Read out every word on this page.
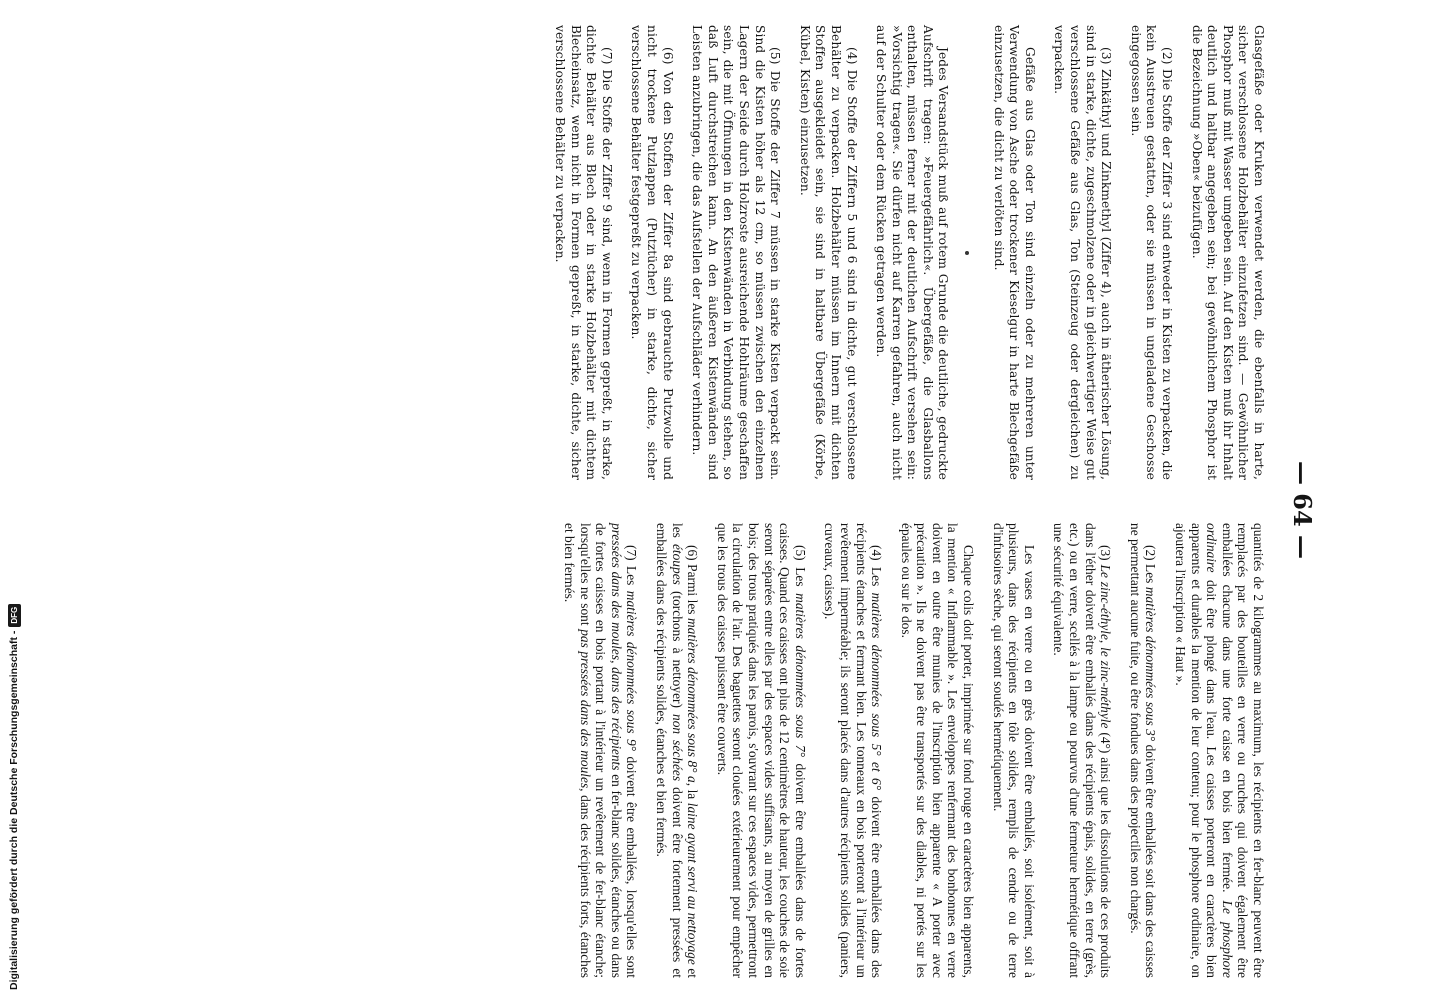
— 64 —

Glasgefäße oder Kruken verwendet werden, die ebenfalls in harte, sicher verschlossene Holzbehälter einzufetzen sind. — Gewöhnlicher Phosphor muß mit Wasser umgeben sein. Auf den Kisten muß ihr Inhalt deutlich und haltbar angegeben sein; bei gewöhnlichem Phosphor ist die Bezeichnung »Oben« beizufügen.

(2) Die Stoffe der Ziffer 3 sind entweder in Kisten zu verpacken, die kein Ausstreuen gestatten, oder sie müssen in ungeladene Geschosse eingegossen sein.

(3) Zinkäthyl und Zinkmethyl (Ziffer 4), auch in ätherischer Lösung, sind in starke, dichte, zugeschmolzene oder in gleichwertiger Weise gut verschlossene Gefäße aus Glas, Ton (Steinzeug oder dergleichen) zu verpacken.

Gefäße aus Glas oder Ton sind einzeln oder zu mehreren unter Verwendung von Asche oder trockener Kieselgur in harte Blechgefäße einzusetzen, die dicht zu verlöten sind.

Jedes Versandstück muß auf rotem Grunde die deutliche, gedruckte Aufschrift tragen: »Feuergefährlich«. Übergefäße, die Glasballons enthalten, müssen ferner mit der deutlichen Aufschrift versehen sein: »Vorsichtig tragen«. Sie dürfen nicht auf Karren gefahren, auch nicht auf der Schulter oder dem Rücken getragen werden.

(4) Die Stoffe der Ziffern 5 und 6 sind in dichte, gut verschlossene Behälter zu verpacken. Holzbehälter müssen im Innern mit dichten Stoffen ausgekleidet sein, sie sind in haltbare Übergefäße (Körbe, Kübel, Kisten) einzusetzen.

(5) Die Stoffe der Ziffer 7 müssen in starke Kisten verpackt sein. Sind die Kisten höher als 12 cm, so müssen zwischen den einzelnen Lagern der Seide durch Holzroste ausreichende Hohlräume geschaffen sein, die mit Öffnungen in den Kistenwänden in Verbindung stehen, so daß Luft durchstreichen kann. An den äußeren Kistenwänden sind Leisten anzubringen, die das Aufstellen der Aufschläder verhindern.

(6) Von den Stoffen der Ziffer 8a sind gebrauchte Putzwolle und nicht trockene Putzlappen (Putztücher) in starke, dichte, sicher verschlossene Behälter festgepreßt zu verpacken.

(7) Die Stoffe der Ziffer 9 sind, wenn in Formen gepreßt, in starke, dichte Behälter aus Blech oder in starke Holzbehälter mit dichtem Blecheinsatz, wenn nicht in Formen gepreßt, in starke, dichte, sicher verschlossene Behälter zu verpacken.

quantités de 2 kilogrammes au maximum, les récipients en fer-blanc peuvent être remplacés par des bouteilles en verre ou cruches qui doivent également être emballées chacune dans une forte caisse en bois bien fermée. Le phosphore ordinaire doit être plongé dans l'eau. Les caisses porteront en caractères bien apparents et durables la mention de leur contenu; pour le phosphore ordinaire, on ajoutera l'inscription « Haut ».

(2) Les matières dénommées sous 3° doivent être emballées soit dans des caisses ne permettant aucune fuite, ou être fondues dans des projectiles non chargés.

(3) Le zinc-éthyle, le zinc-méthyle (4°) ainsi que les dissolutions de ces produits dans l'éther doivent être emballés dans des récipients épais, solides, en terre (grès, etc.) ou en verre, scellés à la lampe ou pourvus d'une fermeture hermétique offrant une sécurité équivalente.

Les vases en verre ou en grès doivent être emballés, soit isolément, soit à plusieurs, dans des récipients en tôle solides, remplis de cendre ou de terre d'infusoires sèche, qui seront soudés hermétiquement.

Chaque colis doit porter, imprimée sur fond rouge en caractères bien apparents, la mention « Inflammable ». Les enveloppes renfermant des bonbonnes en verre doivent en outre être munies de l'inscription bien apparente « A porter avec précaution ». Ils ne doivent pas être transportés sur des diables, ni portés sur les épaules ou sur le dos.

(4) Les matières dénommées sous 5° et 6° doivent être emballées dans des récipients étanches et fermant bien. Les tonneaux en bois porteront à l'intérieur un revêtement imperméable; ils seront placés dans d'autres récipients solides (paniers, cuveaux, caisses).

(5) Les matières dénommées sous 7° doivent être emballées dans de fortes caisses. Quand ces caisses ont plus de 12 centimètres de hauteur, les couches de soie seront séparées entre elles par des espaces vides suffisants, au moyen de grilles en bois; des trous pratiqués dans les parois, s'ouvrant sur ces espaces vides, permettront la circulation de l'air. Des baguettes seront clouées extérieurement pour empêcher que les trous des caisses puissent être couverts.

(6) Parmi les matières dénommées sous 8° a, la laine ayant servi au nettoyage et les étoupes (torchons à nettoyer) non séchées doivent être fortement pressées et emballées dans des récipients solides, étanches et bien fermés.

(7) Les matières dénommées sous 9° doivent être emballées, lorsqu'elles sont pressées dans des moules, dans des récipients en fer-blanc solides, étanches ou dans de fortes caisses en bois portant à l'intérieur un revêtement de fer-blanc étanche; lorsqu'elles ne sont pas pressées dans des moules, dans des récipients forts, étanches et bien fermés.

Digitalisierung gefördert durch die Deutsche Forschungsgemeinschaft -
DFG
